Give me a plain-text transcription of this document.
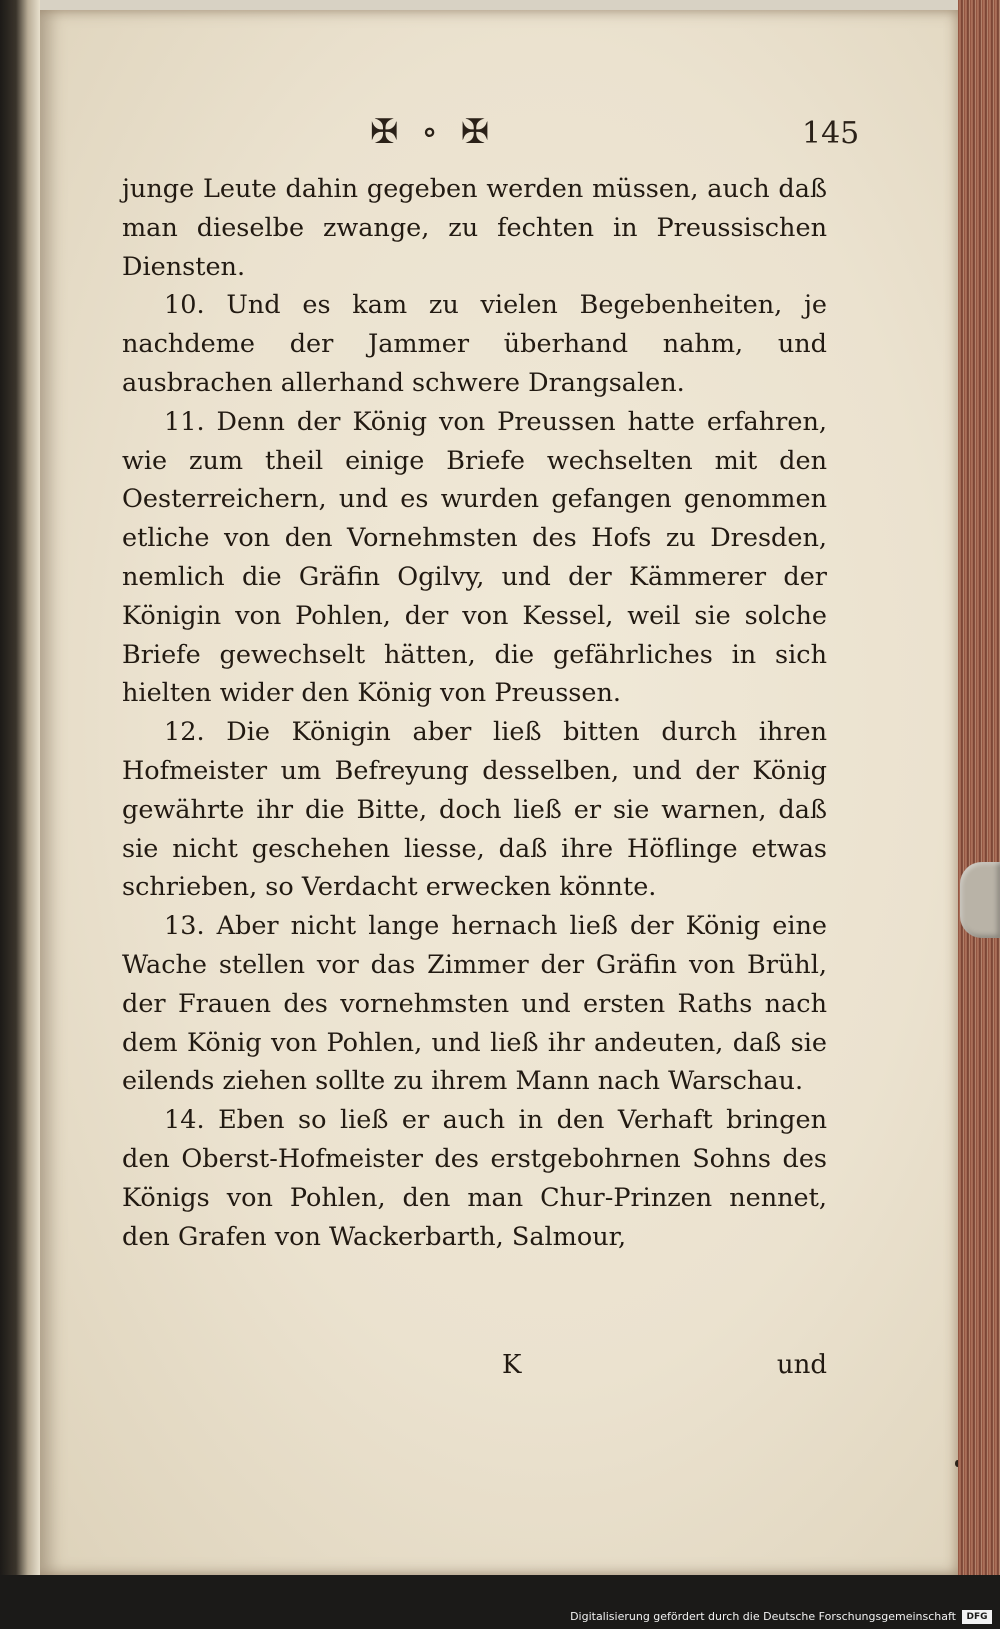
✠ ∘ ✠	145

junge Leute dahin gegeben werden müssen, auch daß man dieselbe zwange, zu fechten in Preussischen Diensten.

10. Und es kam zu vielen Begebenheiten, je nachdeme der Jammer überhand nahm, und ausbrachen allerhand schwere Drangsalen.

11. Denn der König von Preussen hatte erfahren, wie zum theil einige Briefe wechselten mit den Oesterreichern, und es wurden gefangen genommen etliche von den Vornehmsten des Hofs zu Dresden, nemlich die Gräfin Ogilvy, und der Kämmerer der Königin von Pohlen, der von Kessel, weil sie solche Briefe gewechselt hätten, die gefährliches in sich hielten wider den König von Preussen.

12. Die Königin aber ließ bitten durch ihren Hofmeister um Befreyung desselben, und der König gewährte ihr die Bitte, doch ließ er sie warnen, daß sie nicht geschehen liesse, daß ihre Höflinge etwas schrieben, so Verdacht erwecken könnte.

13. Aber nicht lange hernach ließ der König eine Wache stellen vor das Zimmer der Gräfin von Brühl, der Frauen des vornehmsten und ersten Raths nach dem König von Pohlen, und ließ ihr andeuten, daß sie eilends ziehen sollte zu ihrem Mann nach Warschau.

14. Eben so ließ er auch in den Verhaft bringen den Oberst-Hofmeister des erstgebohrnen Sohns des Königs von Pohlen, den man Chur-Prinzen nennet, den Grafen von Wackerbarth, Salmour,

K	und
Digitalisierung gefördert durch die Deutsche Forschungsgemeinschaft	DFG
